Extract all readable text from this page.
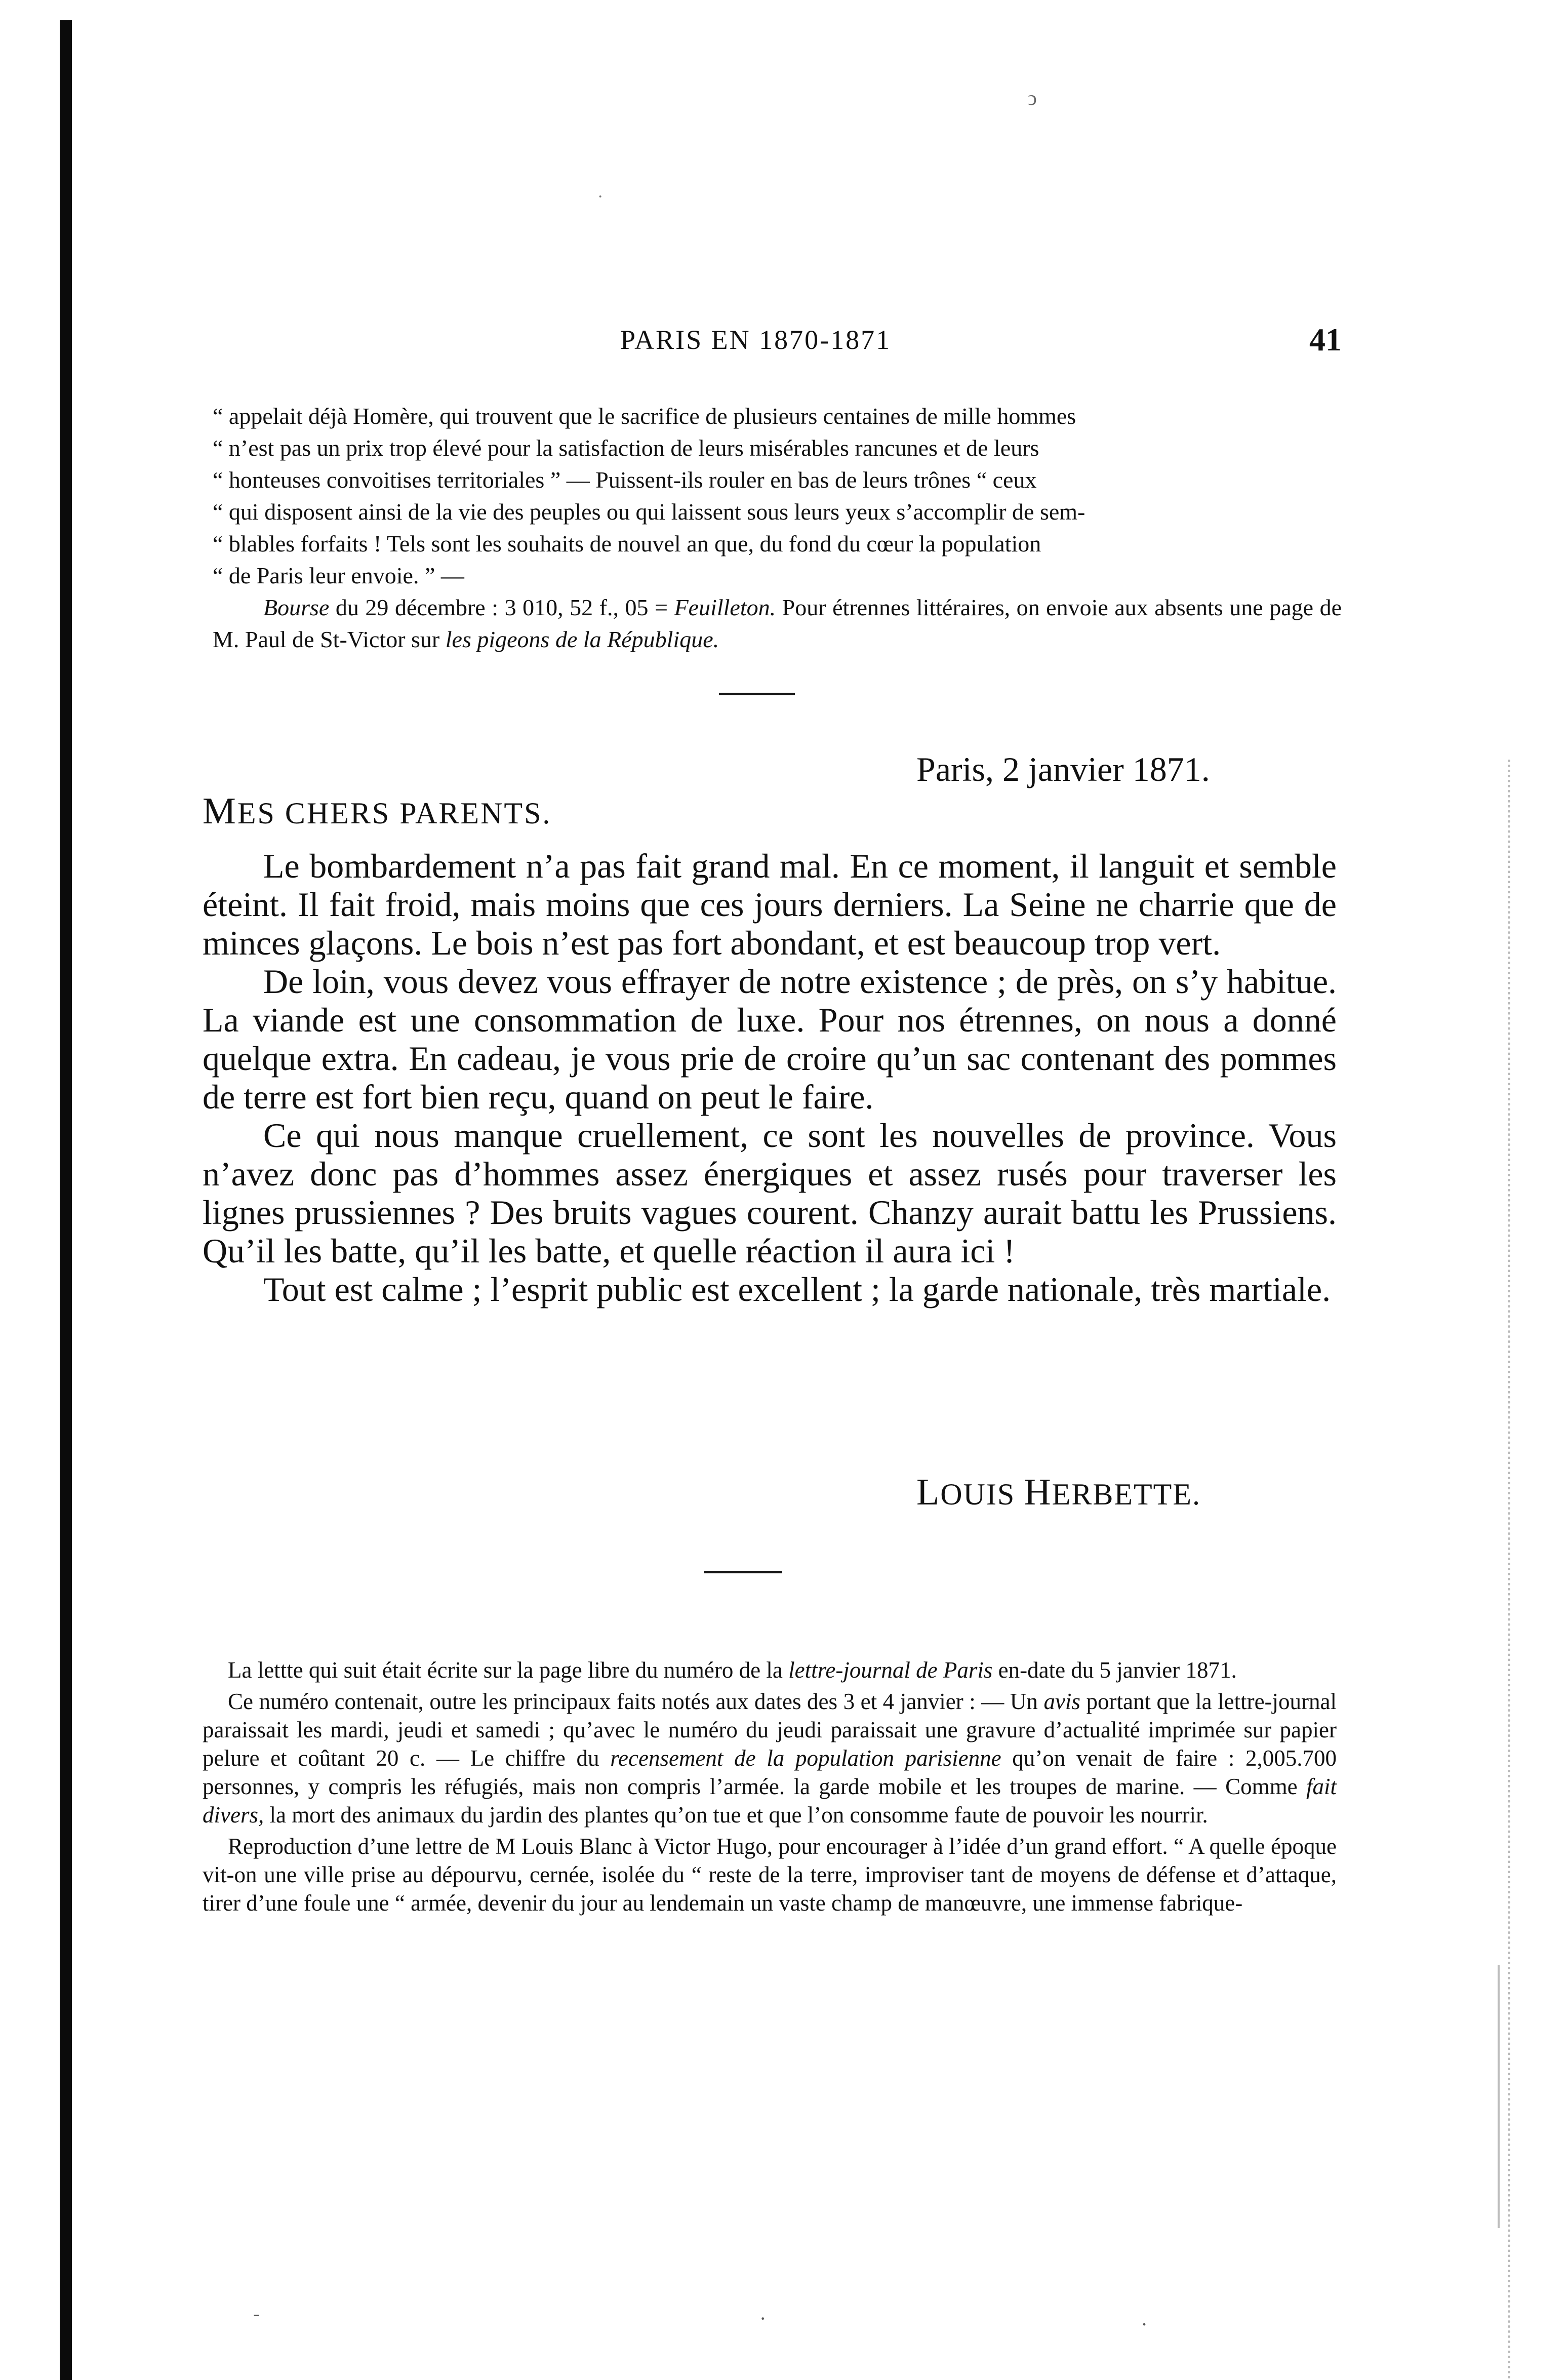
ↄ
·
PARIS EN 1870-1871	41

“ appelait déjà Homère, qui trouvent que le sacrifice de plusieurs centaines de mille hommes
“ n’est pas un prix trop élevé pour la satisfaction de leurs misérables rancunes et de leurs
“ honteuses convoitises territoriales ” — Puissent-ils rouler en bas de leurs trônes “ ceux
“ qui disposent ainsi de la vie des peuples ou qui laissent sous leurs yeux s’accomplir de sem-
“ blables forfaits ! Tels sont les souhaits de nouvel an que, du fond du cœur la population
“ de Paris leur envoie. ” —

Bourse du 29 décembre : 3 010, 52 f., 05 = Feuilleton. Pour étrennes littéraires, on envoie aux absents une page de M. Paul de St-Victor sur les pigeons de la République.

Paris, 2 janvier 1871.
MES CHERS PARENTS.

Le bombardement n’a pas fait grand mal. En ce moment, il languit et semble éteint. Il fait froid, mais moins que ces jours derniers. La Seine ne charrie que de minces glaçons. Le bois n’est pas fort abondant, et est beaucoup trop vert.

De loin, vous devez vous effrayer de notre existence ; de près, on s’y habitue. La viande est une consommation de luxe. Pour nos étrennes, on nous a donné quelque extra. En cadeau, je vous prie de croire qu’un sac contenant des pommes de terre est fort bien reçu, quand on peut le faire.

Ce qui nous manque cruellement, ce sont les nouvelles de province. Vous n’avez donc pas d’hommes assez énergiques et assez rusés pour traverser les lignes prussiennes ? Des bruits vagues courent. Chanzy aurait battu les Prussiens. Qu’il les batte, qu’il les batte, et quelle réaction il aura ici !

Tout est calme ; l’esprit public est excellent ; la garde nationale, très martiale.

LOUIS HERBETTE.

La lettte qui suit était écrite sur la page libre du numéro de la lettre-journal de Paris en-date du 5 janvier 1871.

Ce numéro contenait, outre les principaux faits notés aux dates des 3 et 4 janvier : — Un avis portant que la lettre-journal paraissait les mardi, jeudi et samedi ; qu’avec le numéro du jeudi paraissait une gravure d’actualité imprimée sur papier pelure et coûtant 20 c. — Le chiffre du recensement de la population parisienne qu’on venait de faire : 2,005.700 personnes, y compris les réfugiés, mais non compris l’armée. la garde mobile et les troupes de marine. — Comme fait divers, la mort des animaux du jardin des plantes qu’on tue et que l’on consomme faute de pouvoir les nourrir.

Reproduction d’une lettre de M Louis Blanc à Victor Hugo, pour encourager à l’idée d’un grand effort. “ A quelle époque vit-on une ville prise au dépourvu, cernée, isolée du “ reste de la terre, improviser tant de moyens de défense et d’attaque, tirer d’une foule une “ armée, devenir du jour au lendemain un vaste champ de manœuvre, une immense fabrique-

-	·	.
